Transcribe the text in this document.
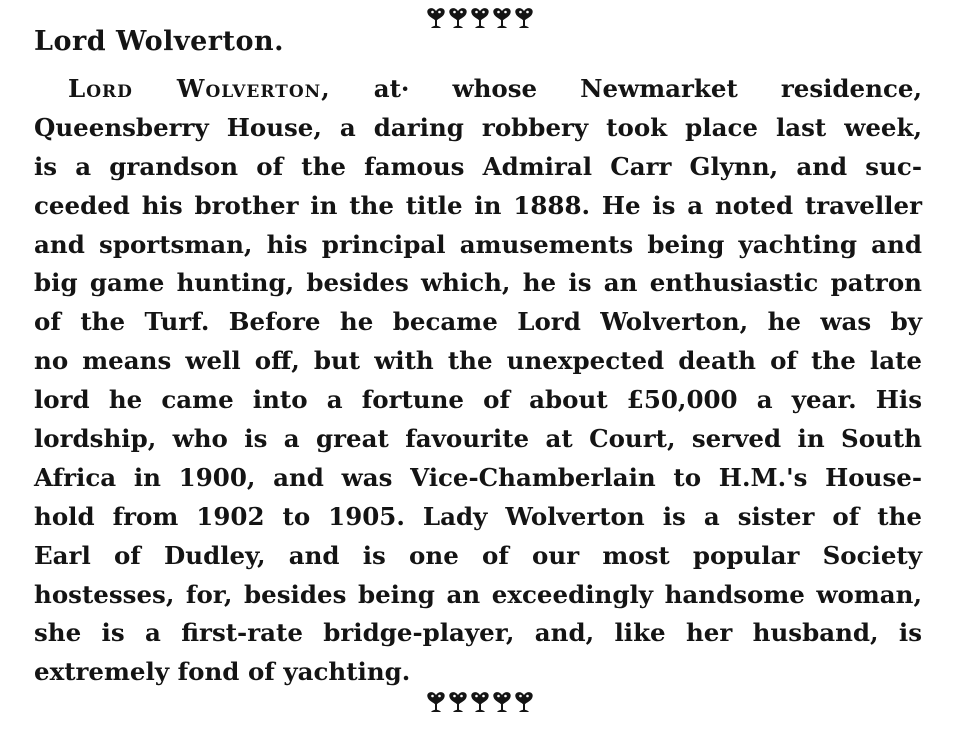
Lord Wolverton.
Lord Wolverton, at· whose Newmarket residence,
Queensberry House, a daring robbery took place last week,
is a grandson of the famous Admiral Carr Glynn, and suc-
ceeded his brother in the title in 1888. He is a noted traveller
and sportsman, his principal amusements being yachting and
big game hunting, besides which, he is an enthusiastic patron
of the Turf. Before he became Lord Wolverton, he was by
no means well off, but with the unexpected death of the late
lord he came into a fortune of about £50,000 a year. His
lordship, who is a great favourite at Court, served in South
Africa in 1900, and was Vice-Chamberlain to H.M.'s House-
hold from 1902 to 1905. Lady Wolverton is a sister of the
Earl of Dudley, and is one of our most popular Society
hostesses, for, besides being an exceedingly handsome woman,
she is a first-rate bridge-player, and, like her husband, is
extremely fond of yachting.
